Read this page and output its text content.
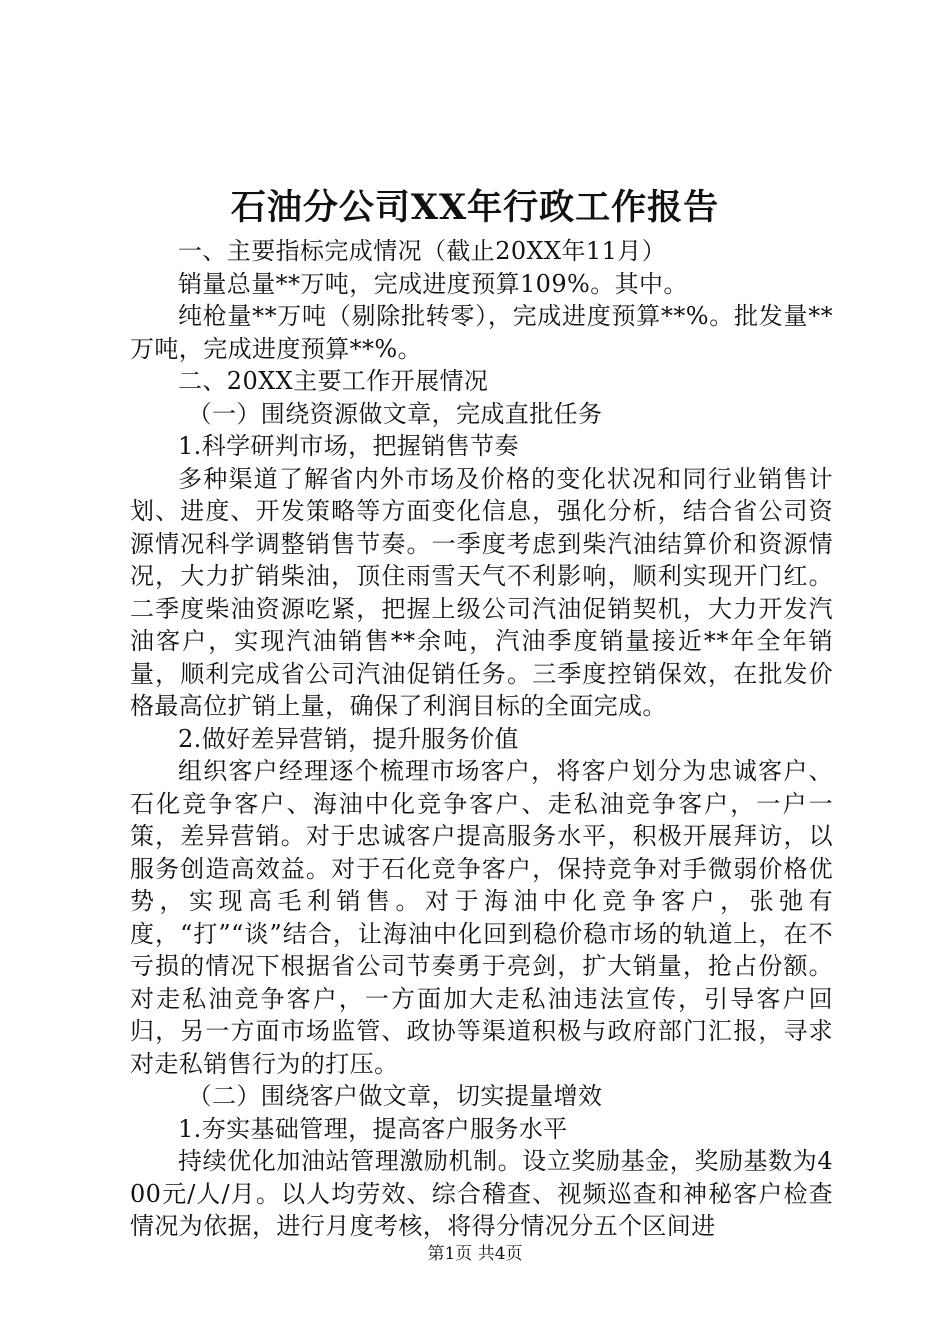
石油分公司XX年行政工作报告

一、主要指标完成情况（截止20XX年11月）

销量总量**万吨，完成进度预算109%。其中。

纯枪量**万吨（剔除批转零），完成进度预算**%。批发量**万吨，完成进度预算**%。

二、20XX主要工作开展情况

（一）围绕资源做文章，完成直批任务

1.科学研判市场，把握销售节奏

多种渠道了解省内外市场及价格的变化状况和同行业销售计划、进度、开发策略等方面变化信息，强化分析，结合省公司资源情况科学调整销售节奏。一季度考虑到柴汽油结算价和资源情况，大力扩销柴油，顶住雨雪天气不利影响，顺利实现开门红。二季度柴油资源吃紧，把握上级公司汽油促销契机，大力开发汽油客户，实现汽油销售**余吨，汽油季度销量接近**年全年销量，顺利完成省公司汽油促销任务。三季度控销保效，在批发价格最高位扩销上量，确保了利润目标的全面完成。

2.做好差异营销，提升服务价值

组织客户经理逐个梳理市场客户，将客户划分为忠诚客户、石化竞争客户、海油中化竞争客户、走私油竞争客户，一户一策，差异营销。对于忠诚客户提高服务水平，积极开展拜访，以服务创造高效益。对于石化竞争客户，保持竞争对手微弱价格优势，实现高毛利销售。对于海油中化竞争客户，张弛有度，“打”“谈”结合，让海油中化回到稳价稳市场的轨道上，在不亏损的情况下根据省公司节奏勇于亮剑，扩大销量，抢占份额。对走私油竞争客户，一方面加大走私油违法宣传，引导客户回归，另一方面市场监管、政协等渠道积极与政府部门汇报，寻求对走私销售行为的打压。

（二）围绕客户做文章，切实提量增效

1.夯实基础管理，提高客户服务水平

持续优化加油站管理激励机制。设立奖励基金，奖励基数为400元/人/月。以人均劳效、综合稽查、视频巡查和神秘客户检查情况为依据，进行月度考核，将得分情况分五个区间进

第1页 共4页
